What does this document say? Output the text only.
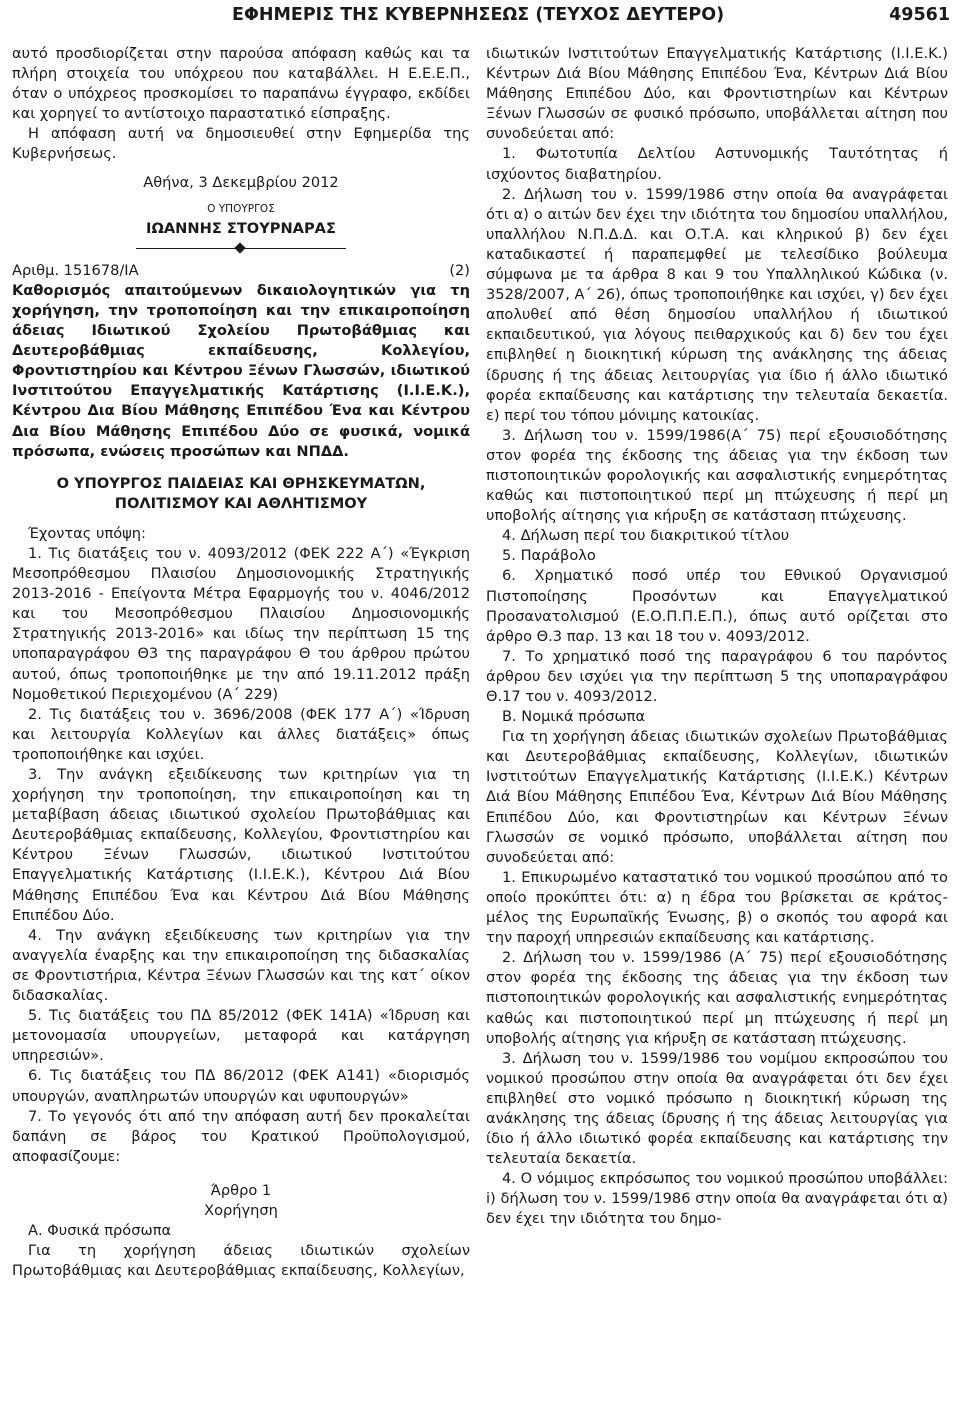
ΕΦΗΜΕΡΙΣ ΤΗΣ ΚΥΒΕΡΝΗΣΕΩΣ (ΤΕΥΧΟΣ ΔΕΥΤΕΡΟ)	49561

αυτό προσδιορίζεται στην παρούσα απόφαση καθώς και τα πλήρη στοιχεία του υπόχρεου που καταβάλλει. Η Ε.Ε.Ε.Π., όταν ο υπόχρεος προσκομίσει το παραπάνω έγγραφο, εκδίδει και χορηγεί το αντίστοιχο παραστατικό είσπραξης.

Η απόφαση αυτή να δημοσιευθεί στην Εφημερίδα της Κυβερνήσεως.

Αθήνα, 3 Δεκεμβρίου 2012

Ο ΥΠΟΥΡΓΟΣ

ΙΩΑΝΝΗΣ ΣΤΟΥΡΝΑΡΑΣ

Αριθμ. 151678/ΙΑ	(2)

Καθορισμός απαιτούμενων δικαιολογητικών για τη χορήγηση, την τροποποίηση και την επικαιροποίηση άδειας Ιδιωτικού Σχολείου Πρωτοβάθμιας και Δευτεροβάθμιας εκπαίδευσης, Κολλεγίου, Φροντιστηρίου και Κέντρου Ξένων Γλωσσών, ιδιωτικού Ινστιτούτου Επαγγελματικής Κατάρτισης (Ι.Ι.Ε.Κ.), Κέντρου Δια Βίου Μάθησης Επιπέδου Ένα και Κέντρου Δια Βίου Μάθησης Επιπέδου Δύο σε φυσικά, νομικά πρόσωπα, ενώσεις προσώπων και ΝΠΔΔ.

Ο ΥΠΟΥΡΓΟΣ ΠΑΙΔΕΙΑΣ ΚΑΙ ΘΡΗΣΚΕΥΜΑΤΩΝ,
ΠΟΛΙΤΙΣΜΟΥ ΚΑΙ ΑΘΛΗΤΙΣΜΟΥ

Έχοντας υπόψη:

1. Τις διατάξεις του ν. 4093/2012 (ΦΕΚ 222 Α΄) «Έγκριση Μεσοπρόθεσμου Πλαισίου Δημοσιονομικής Στρατηγικής 2013-2016 - Επείγοντα Μέτρα Εφαρμογής του ν. 4046/2012 και του Μεσοπρόθεσμου Πλαισίου Δημοσιονομικής Στρατηγικής 2013-2016» και ιδίως την περίπτωση 15 της υποπαραγράφου Θ3 της παραγράφου Θ του άρθρου πρώτου αυτού, όπως τροποποιήθηκε με την από 19.11.2012 πράξη Νομοθετικού Περιεχομένου (Α΄ 229)

2. Τις διατάξεις του ν. 3696/2008 (ΦΕΚ 177 Α΄) «Ίδρυση και λειτουργία Κολλεγίων και άλλες διατάξεις» όπως τροποποιήθηκε και ισχύει.

3. Την ανάγκη εξειδίκευσης των κριτηρίων για τη χορήγηση την τροποποίηση, την επικαιροποίηση και τη μεταβίβαση άδειας ιδιωτικού σχολείου Πρωτοβάθμιας και Δευτεροβάθμιας εκπαίδευσης, Κολλεγίου, Φροντιστηρίου και Κέντρου Ξένων Γλωσσών, ιδιωτικού Ινστιτούτου Επαγγελματικής Κατάρτισης (Ι.Ι.Ε.Κ.), Κέντρου Διά Βίου Μάθησης Επιπέδου Ένα και Κέντρου Διά Βίου Μάθησης Επιπέδου Δύο.

4. Την ανάγκη εξειδίκευσης των κριτηρίων για την αναγγελία έναρξης και την επικαιροποίηση της διδασκαλίας σε Φροντιστήρια, Κέντρα Ξένων Γλωσσών και της κατ΄ οίκον διδασκαλίας.

5. Τις διατάξεις του ΠΔ 85/2012 (ΦΕΚ 141Α) «Ίδρυση και μετονομασία υπουργείων, μεταφορά και κατάργηση υπηρεσιών».

6. Τις διατάξεις του ΠΔ 86/2012 (ΦΕΚ Α141) «διορισμός υπουργών, αναπληρωτών υπουργών και υφυπουργών»

7. Το γεγονός ότι από την απόφαση αυτή δεν προκαλείται δαπάνη σε βάρος του Κρατικού Προϋπολογισμού, αποφασίζουμε:

Άρθρο 1

Χορήγηση

Α. Φυσικά πρόσωπα

Για τη χορήγηση άδειας ιδιωτικών σχολείων Πρωτοβάθμιας και Δευτεροβάθμιας εκπαίδευσης, Κολλεγίων,

ιδιωτικών Ινστιτούτων Επαγγελματικής Κατάρτισης (Ι.Ι.Ε.Κ.) Κέντρων Διά Βίου Μάθησης Επιπέδου Ένα, Κέντρων Διά Βίου Μάθησης Επιπέδου Δύο, και Φροντιστηρίων και Κέντρων Ξένων Γλωσσών σε φυσικό πρόσωπο, υποβάλλεται αίτηση που συνοδεύεται από:

1. Φωτοτυπία Δελτίου Αστυνομικής Ταυτότητας ή ισχύοντος διαβατηρίου.

2. Δήλωση του ν. 1599/1986 στην οποία θα αναγράφεται ότι α) ο αιτών δεν έχει την ιδιότητα του δημοσίου υπαλλήλου, υπαλλήλου Ν.Π.Δ.Δ. και Ο.Τ.Α. και κληρικού β) δεν έχει καταδικαστεί ή παραπεμφθεί με τελεσίδικο βούλευμα σύμφωνα με τα άρθρα 8 και 9 του Υπαλληλικού Κώδικα (ν. 3528/2007, Α΄ 26), όπως τροποποιήθηκε και ισχύει, γ) δεν έχει απολυθεί από θέση δημοσίου υπαλλήλου ή ιδιωτικού εκπαιδευτικού, για λόγους πειθαρχικούς και δ) δεν του έχει επιβληθεί η διοικητική κύρωση της ανάκλησης της άδειας ίδρυσης ή της άδειας λειτουργίας για ίδιο ή άλλο ιδιωτικό φορέα εκπαίδευσης και κατάρτισης την τελευταία δεκαετία. ε) περί του τόπου μόνιμης κατοικίας.

3. Δήλωση του ν. 1599/1986(Α΄ 75) περί εξουσιοδότησης στον φορέα της έκδοσης της άδειας για την έκδοση των πιστοποιητικών φορολογικής και ασφαλιστικής ενημερότητας καθώς και πιστοποιητικού περί μη πτώχευσης ή περί μη υποβολής αίτησης για κήρυξη σε κατάσταση πτώχευσης.

4. Δήλωση περί του διακριτικού τίτλου

5. Παράβολο

6. Χρηματικό ποσό υπέρ του Εθνικού Οργανισμού Πιστοποίησης Προσόντων και Επαγγελματικού Προσανατολισμού (Ε.Ο.Π.Π.Ε.Π.), όπως αυτό ορίζεται στο άρθρο Θ.3 παρ. 13 και 18 του ν. 4093/2012.

7. Το χρηματικό ποσό της παραγράφου 6 του παρόντος άρθρου δεν ισχύει για την περίπτωση 5 της υποπαραγράφου Θ.17 του ν. 4093/2012.

Β. Νομικά πρόσωπα

Για τη χορήγηση άδειας ιδιωτικών σχολείων Πρωτοβάθμιας και Δευτεροβάθμιας εκπαίδευσης, Κολλεγίων, ιδιωτικών Ινστιτούτων Επαγγελματικής Κατάρτισης (Ι.Ι.Ε.Κ.) Κέντρων Διά Βίου Μάθησης Επιπέδου Ένα, Κέντρων Διά Βίου Μάθησης Επιπέδου Δύο, και Φροντιστηρίων και Κέντρων Ξένων Γλωσσών σε νομικό πρόσωπο, υποβάλλεται αίτηση που συνοδεύεται από:

1. Επικυρωμένο καταστατικό του νομικού προσώπου από το οποίο προκύπτει ότι: α) η έδρα του βρίσκεται σε κράτος-μέλος της Ευρωπαϊκής Ένωσης, β) ο σκοπός του αφορά και την παροχή υπηρεσιών εκπαίδευσης και κατάρτισης.

2. Δήλωση του ν. 1599/1986 (Α΄ 75) περί εξουσιοδότησης στον φορέα της έκδοσης της άδειας για την έκδοση των πιστοποιητικών φορολογικής και ασφαλιστικής ενημερότητας καθώς και πιστοποιητικού περί μη πτώχευσης ή περί μη υποβολής αίτησης για κήρυξη σε κατάσταση πτώχευσης.

3. Δήλωση του ν. 1599/1986 του νομίμου εκπροσώπου του νομικού προσώπου στην οποία θα αναγράφεται ότι δεν έχει επιβληθεί στο νομικό πρόσωπο η διοικητική κύρωση της ανάκλησης της άδειας ίδρυσης ή της άδειας λειτουργίας για ίδιο ή άλλο ιδιωτικό φορέα εκπαίδευσης και κατάρτισης την τελευταία δεκαετία.

4. Ο νόμιμος εκπρόσωπος του νομικού προσώπου υποβάλλει: i) δήλωση του ν. 1599/1986 στην οποία θα αναγράφεται ότι α) δεν έχει την ιδιότητα του δημο-
